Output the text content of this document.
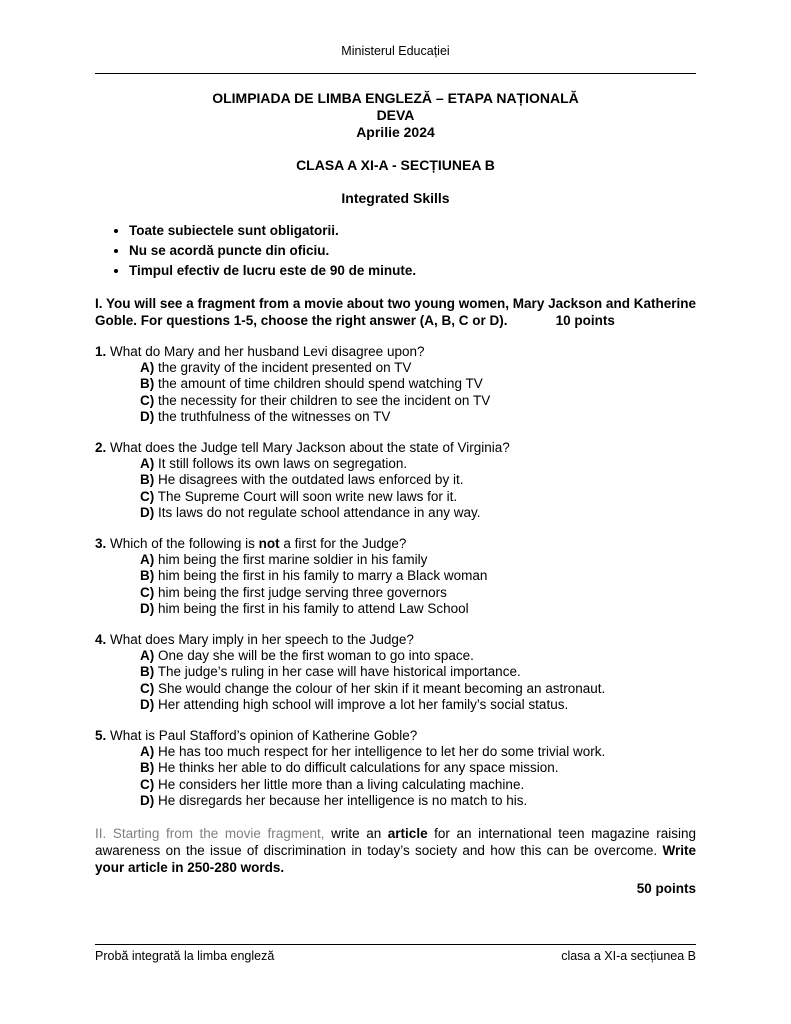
Ministerul Educației
OLIMPIADA DE LIMBA ENGLEZĂ – ETAPA NAȚIONALĂ
DEVA
Aprilie 2024
CLASA A XI-A - SECȚIUNEA B
Integrated Skills
• Toate subiectele sunt obligatorii.
• Nu se acordă puncte din oficiu.
• Timpul efectiv de lucru este de 90 de minute.

I. You will see a fragment from a movie about two young women, Mary Jackson and Katherine Goble. For questions 1-5, choose the right answer (A, B, C or D).	10 points

1. What do Mary and her husband Levi disagree upon?

A) the gravity of the incident presented on TV

B) the amount of time children should spend watching TV

C) the necessity for their children to see the incident on TV

D) the truthfulness of the witnesses on TV

2. What does the Judge tell Mary Jackson about the state of Virginia?

A) It still follows its own laws on segregation.

B) He disagrees with the outdated laws enforced by it.

C) The Supreme Court will soon write new laws for it.

D) Its laws do not regulate school attendance in any way.

3. Which of the following is not a first for the Judge?

A) him being the first marine soldier in his family

B) him being the first in his family to marry a Black woman

C) him being the first judge serving three governors

D) him being the first in his family to attend Law School

4. What does Mary imply in her speech to the Judge?

A) One day she will be the first woman to go into space.

B) The judge’s ruling in her case will have historical importance.

C) She would change the colour of her skin if it meant becoming an astronaut.

D) Her attending high school will improve a lot her family’s social status.

5. What is Paul Stafford’s opinion of Katherine Goble?

A) He has too much respect for her intelligence to let her do some trivial work.

B) He thinks her able to do difficult calculations for any space mission.

C) He considers her little more than a living calculating machine.

D) He disregards her because her intelligence is no match to his.

II. Starting from the movie fragment, write an article for an international teen magazine raising awareness on the issue of discrimination in today’s society and how this can be overcome. Write your article in 250-280 words.

50 points

Probă integrată la limba engleză	clasa a XI-a secțiunea B
